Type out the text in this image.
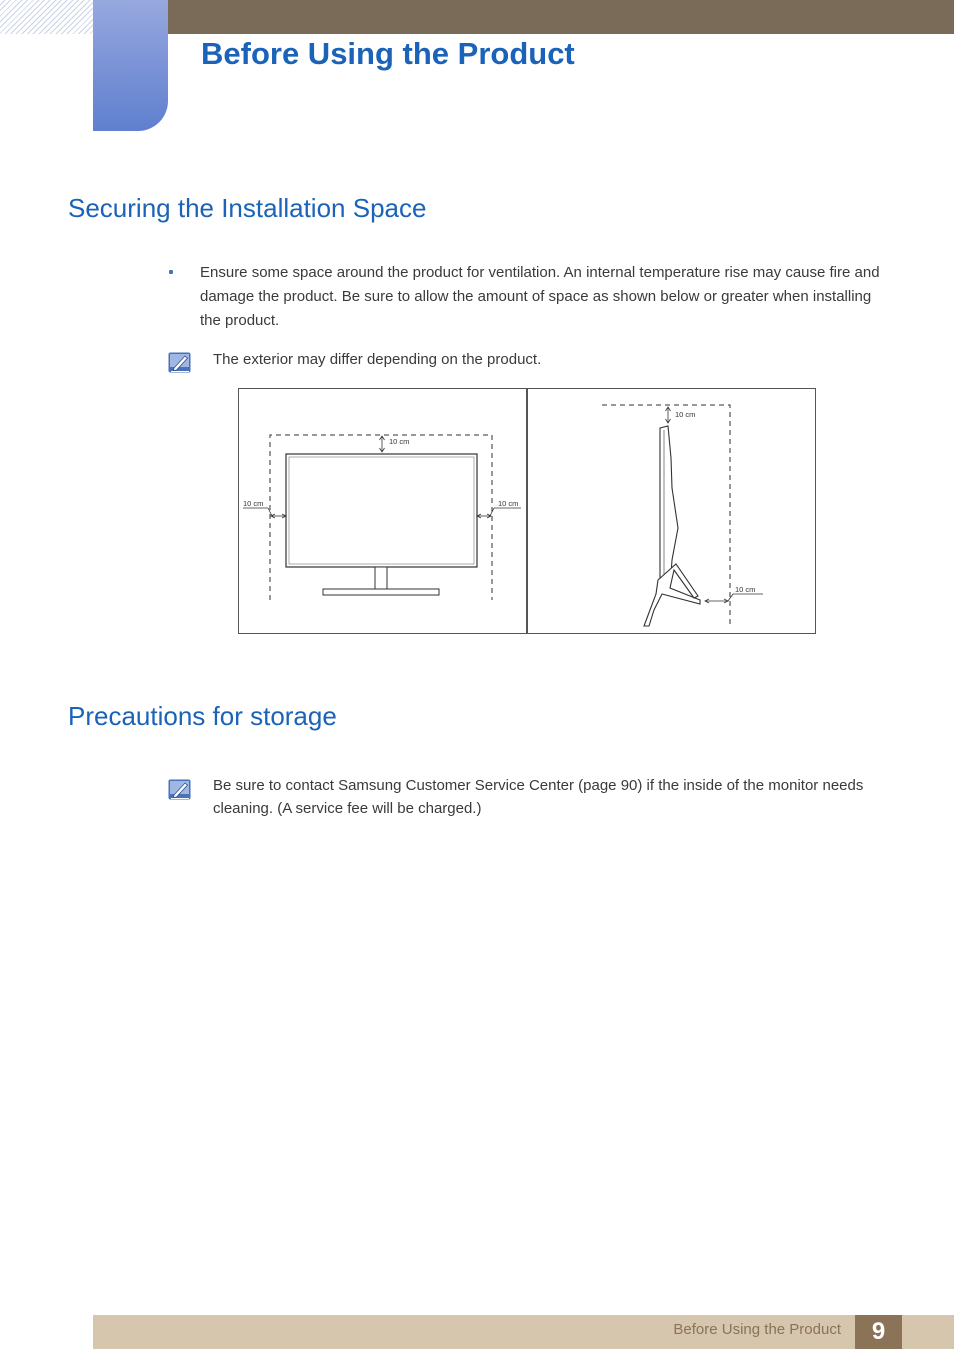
Before Using the Product
Securing the Installation Space

Ensure some space around the product for ventilation. An internal temperature rise may cause fire and damage the product. Be sure to allow the amount of space as shown below or greater when installing the product.

The exterior may differ depending on the product.

10 cm
10 cm	10 cm
10 cm
10 cm
Precautions for storage

Be sure to contact Samsung Customer Service Center (page 90) if the inside of the monitor needs cleaning. (A service fee will be charged.)

Before Using the Product	9
